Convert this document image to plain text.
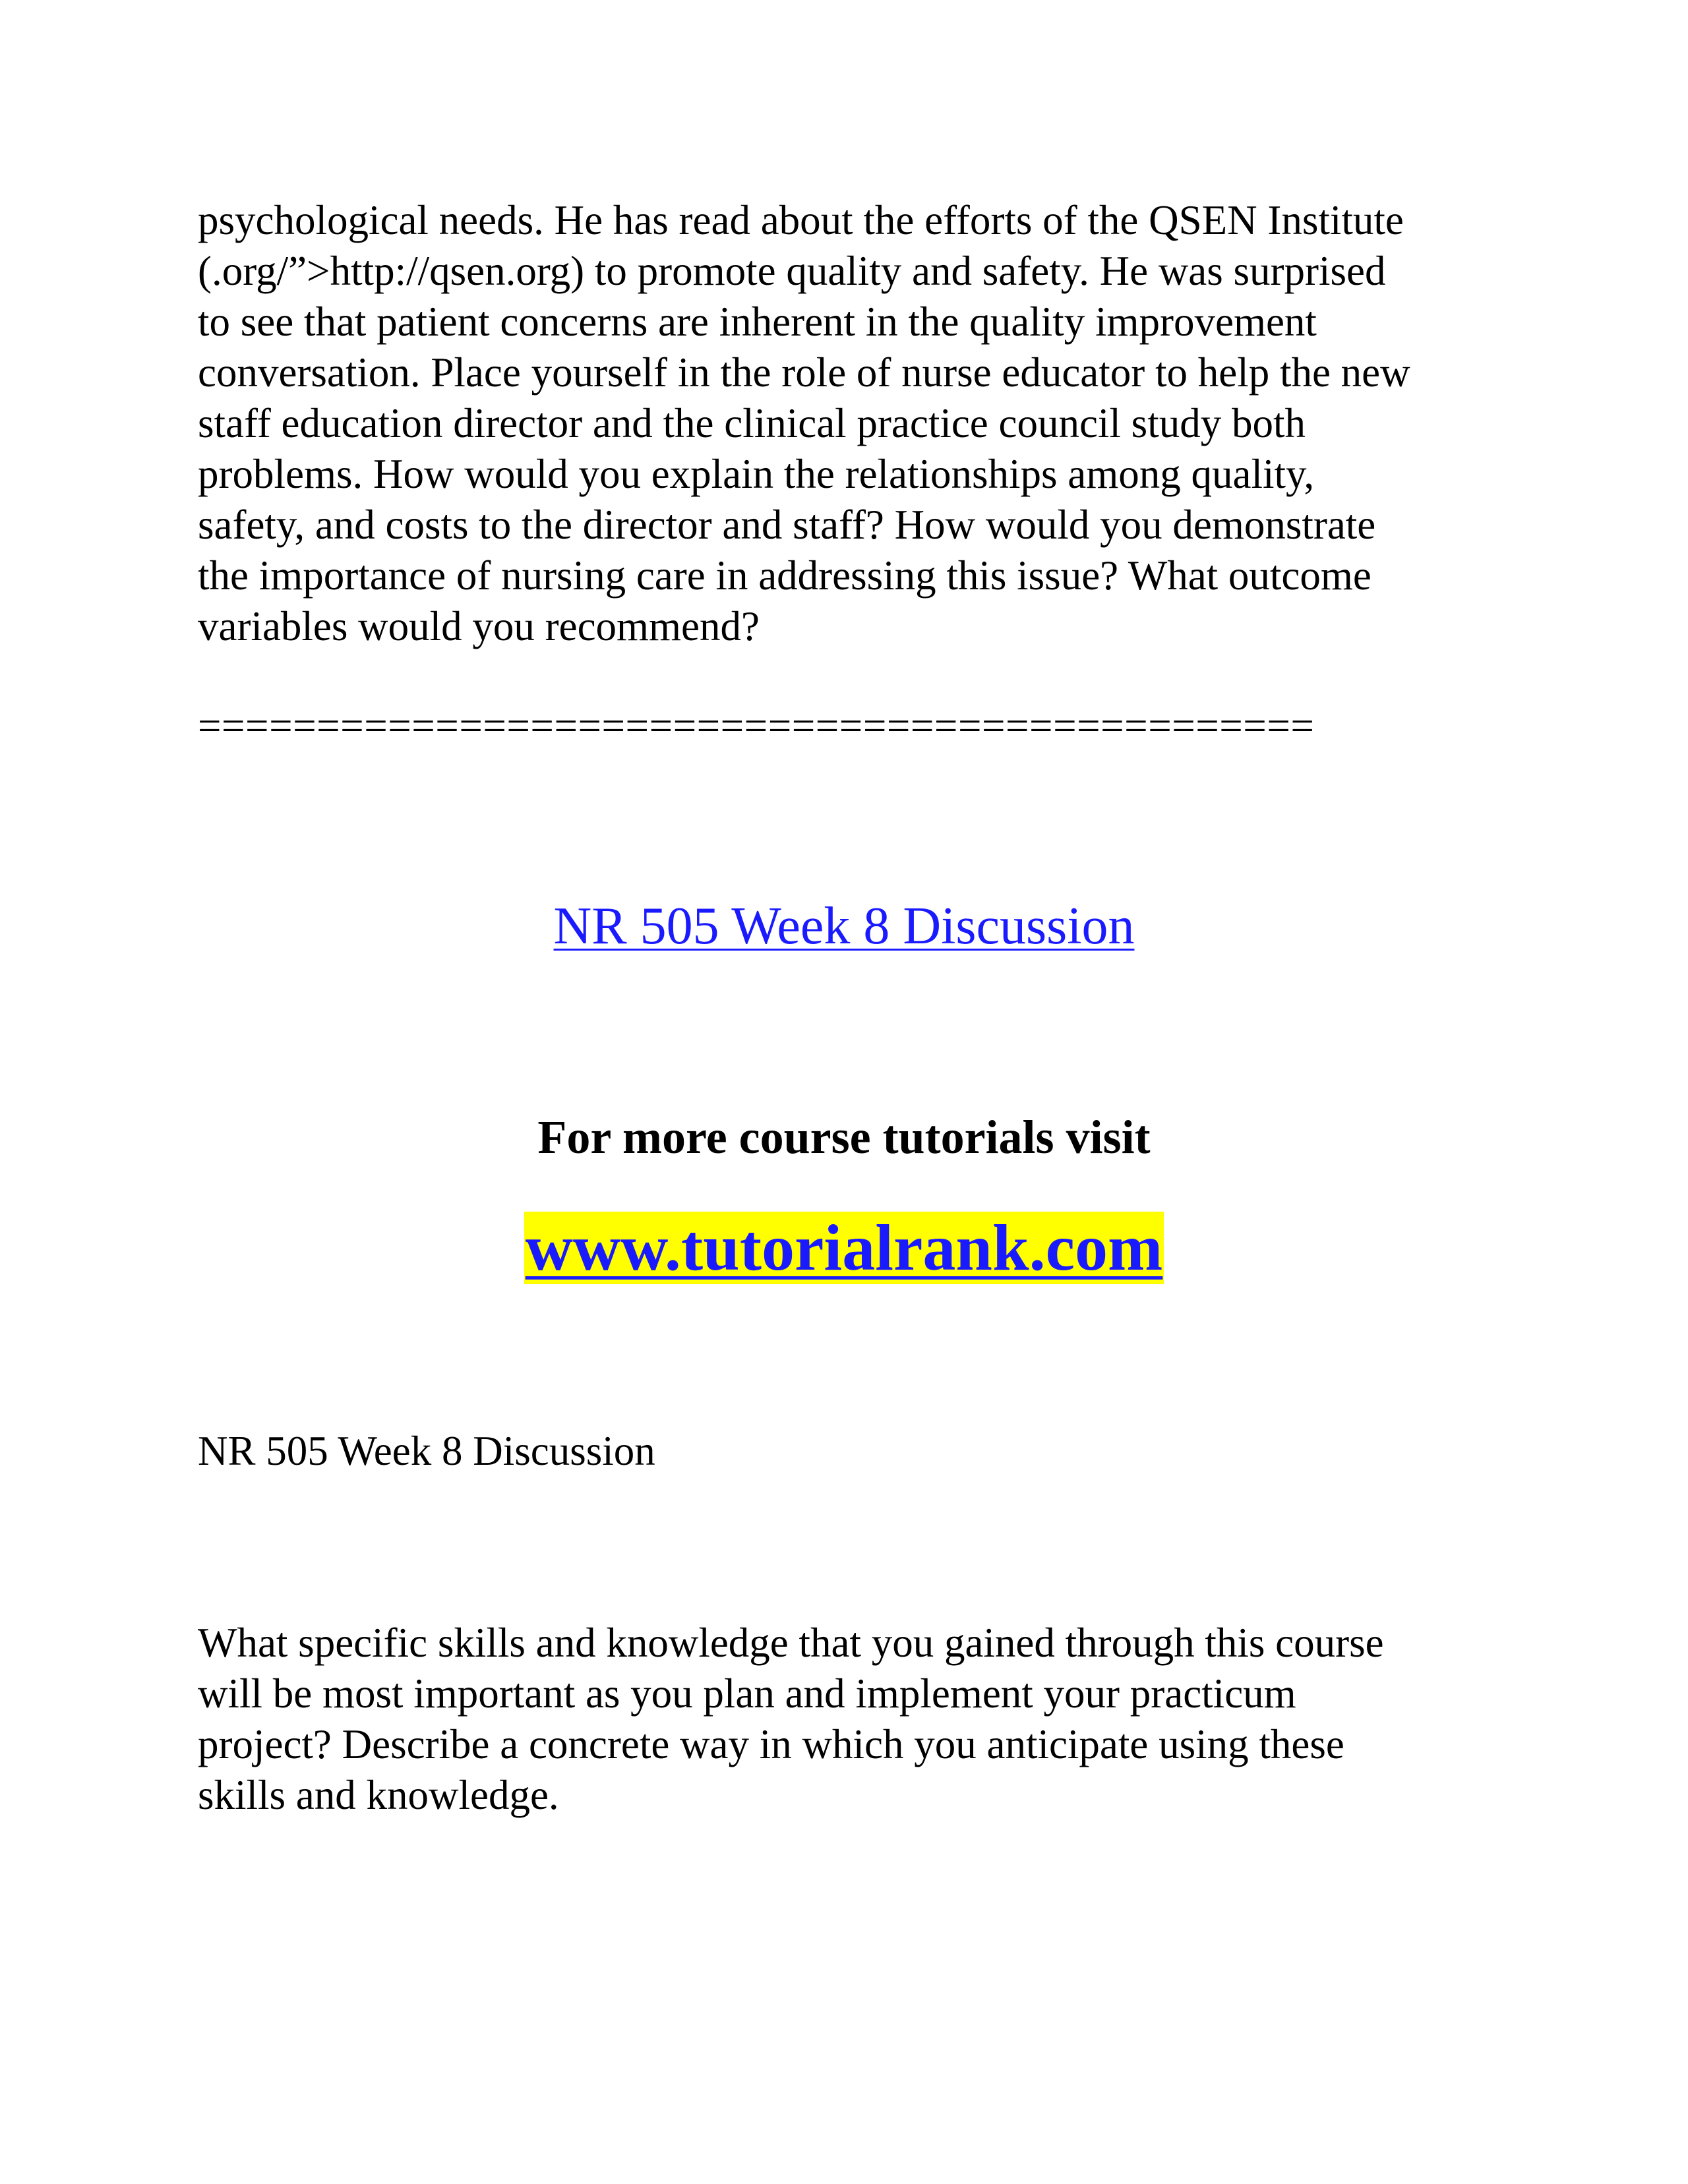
psychological needs. He has read about the efforts of the QSEN Institute
(.org/”>http://qsen.org) to promote quality and safety. He was surprised
to see that patient concerns are inherent in the quality improvement
conversation. Place yourself in the role of nurse educator to help the new
staff education director and the clinical practice council study both
problems. How would you explain the relationships among quality,
safety, and costs to the director and staff? How would you demonstrate
the importance of nursing care in addressing this issue? What outcome
variables would you recommend?

===============================================
NR 505 Week 8 Discussion
For more course tutorials visit
www.tutorialrank.com
NR 505 Week 8 Discussion

What specific skills and knowledge that you gained through this course
will be most important as you plan and implement your practicum
project? Describe a concrete way in which you anticipate using these
skills and knowledge.
